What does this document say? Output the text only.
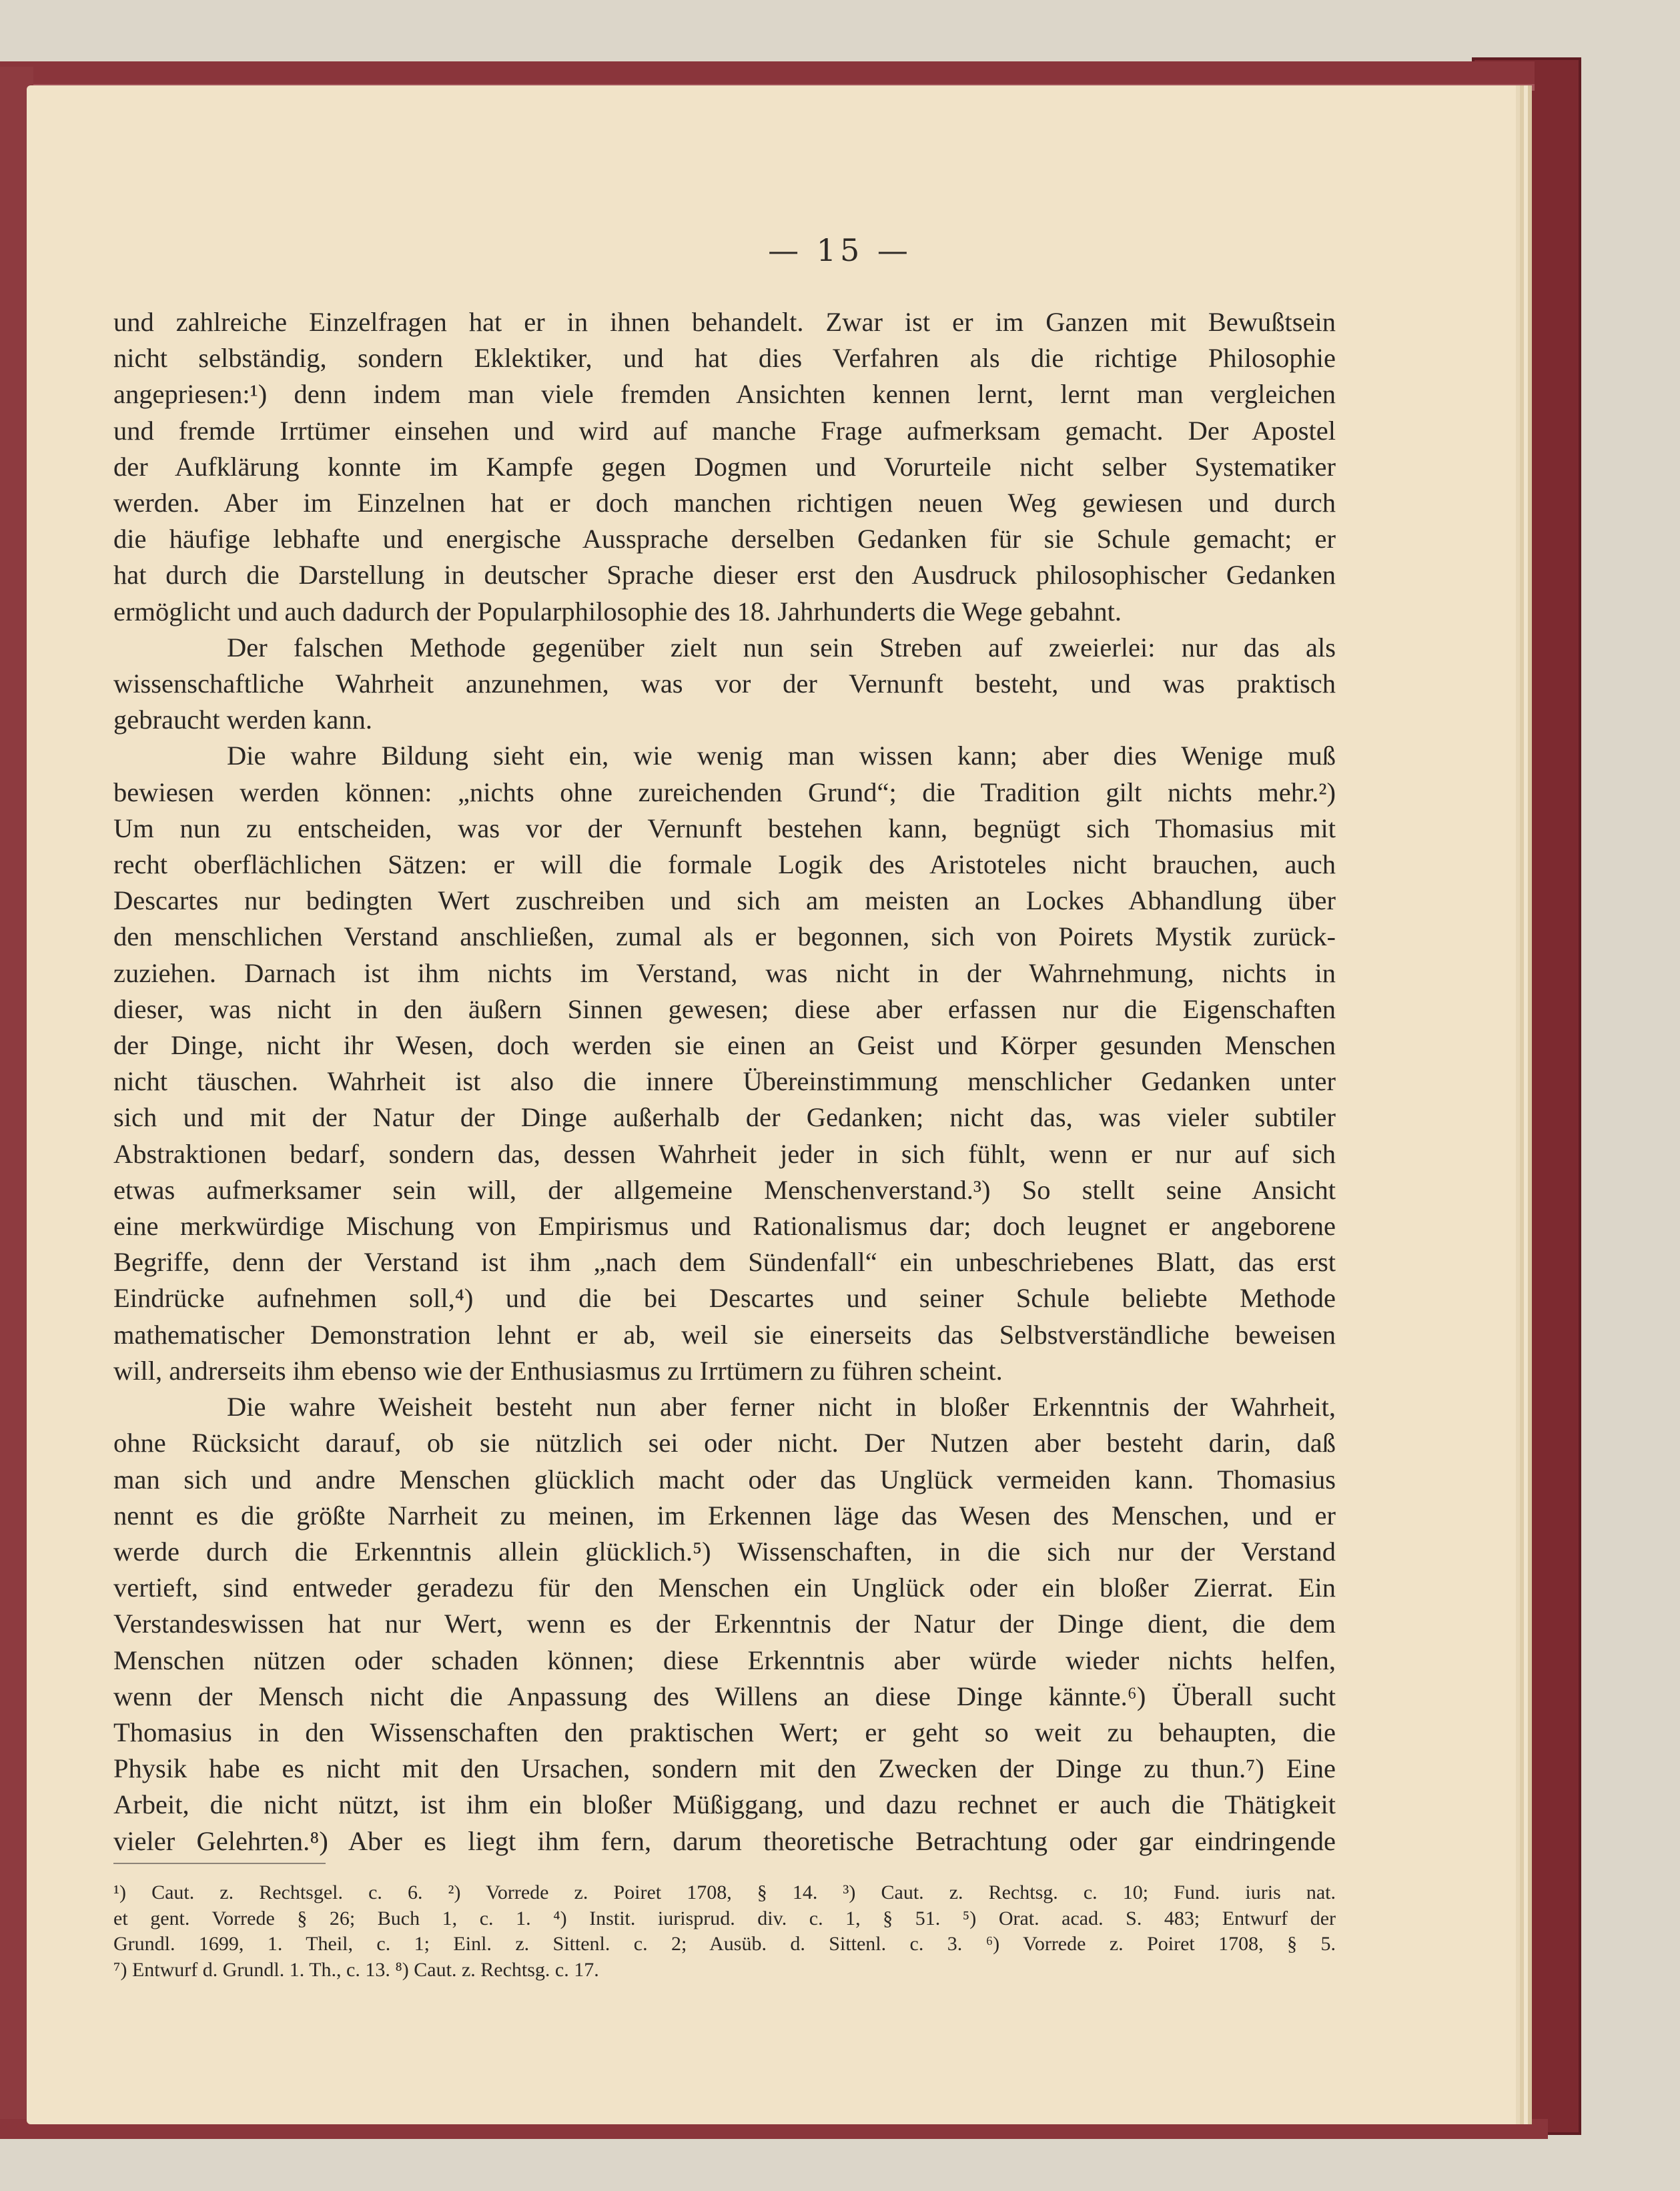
— 15 —

und zahlreiche Einzelfragen hat er in ihnen behandelt. Zwar ist er im Ganzen mit Bewußtsein

nicht selbständig, sondern Eklektiker, und hat dies Verfahren als die richtige Philosophie

angepriesen:¹) denn indem man viele fremden Ansichten kennen lernt, lernt man vergleichen

und fremde Irrtümer einsehen und wird auf manche Frage aufmerksam gemacht. Der Apostel

der Aufklärung konnte im Kampfe gegen Dogmen und Vorurteile nicht selber Systematiker

werden. Aber im Einzelnen hat er doch manchen richtigen neuen Weg gewiesen und durch

die häufige lebhafte und energische Aussprache derselben Gedanken für sie Schule gemacht; er

hat durch die Darstellung in deutscher Sprache dieser erst den Ausdruck philosophischer Gedanken

ermöglicht und auch dadurch der Popularphilosophie des 18. Jahrhunderts die Wege gebahnt.

Der falschen Methode gegenüber zielt nun sein Streben auf zweierlei: nur das als

wissenschaftliche Wahrheit anzunehmen, was vor der Vernunft besteht, und was praktisch

gebraucht werden kann.

Die wahre Bildung sieht ein, wie wenig man wissen kann; aber dies Wenige muß

bewiesen werden können: „nichts ohne zureichenden Grund“; die Tradition gilt nichts mehr.²)

Um nun zu entscheiden, was vor der Vernunft bestehen kann, begnügt sich Thomasius mit

recht oberflächlichen Sätzen: er will die formale Logik des Aristoteles nicht brauchen, auch

Descartes nur bedingten Wert zuschreiben und sich am meisten an Lockes Abhandlung über

den menschlichen Verstand anschließen, zumal als er begonnen, sich von Poirets Mystik zurück-

zuziehen. Darnach ist ihm nichts im Verstand, was nicht in der Wahrnehmung, nichts in

dieser, was nicht in den äußern Sinnen gewesen; diese aber erfassen nur die Eigenschaften

der Dinge, nicht ihr Wesen, doch werden sie einen an Geist und Körper gesunden Menschen

nicht täuschen. Wahrheit ist also die innere Übereinstimmung menschlicher Gedanken unter

sich und mit der Natur der Dinge außerhalb der Gedanken; nicht das, was vieler subtiler

Abstraktionen bedarf, sondern das, dessen Wahrheit jeder in sich fühlt, wenn er nur auf sich

etwas aufmerksamer sein will, der allgemeine Menschenverstand.³) So stellt seine Ansicht

eine merkwürdige Mischung von Empirismus und Rationalismus dar; doch leugnet er angeborene

Begriffe, denn der Verstand ist ihm „nach dem Sündenfall“ ein unbeschriebenes Blatt, das erst

Eindrücke aufnehmen soll,⁴) und die bei Descartes und seiner Schule beliebte Methode

mathematischer Demonstration lehnt er ab, weil sie einerseits das Selbstverständliche beweisen

will, andrerseits ihm ebenso wie der Enthusiasmus zu Irrtümern zu führen scheint.

Die wahre Weisheit besteht nun aber ferner nicht in bloßer Erkenntnis der Wahrheit,

ohne Rücksicht darauf, ob sie nützlich sei oder nicht. Der Nutzen aber besteht darin, daß

man sich und andre Menschen glücklich macht oder das Unglück vermeiden kann. Thomasius

nennt es die größte Narrheit zu meinen, im Erkennen läge das Wesen des Menschen, und er

werde durch die Erkenntnis allein glücklich.⁵) Wissenschaften, in die sich nur der Verstand

vertieft, sind entweder geradezu für den Menschen ein Unglück oder ein bloßer Zierrat. Ein

Verstandeswissen hat nur Wert, wenn es der Erkenntnis der Natur der Dinge dient, die dem

Menschen nützen oder schaden können; diese Erkenntnis aber würde wieder nichts helfen,

wenn der Mensch nicht die Anpassung des Willens an diese Dinge kännte.⁶) Überall sucht

Thomasius in den Wissenschaften den praktischen Wert; er geht so weit zu behaupten, die

Physik habe es nicht mit den Ursachen, sondern mit den Zwecken der Dinge zu thun.⁷) Eine

Arbeit, die nicht nützt, ist ihm ein bloßer Müßiggang, und dazu rechnet er auch die Thätigkeit

vieler Gelehrten.⁸) Aber es liegt ihm fern, darum theoretische Betrachtung oder gar eindringende

¹) Caut. z. Rechtsgel. c. 6. ²) Vorrede z. Poiret 1708, § 14. ³) Caut. z. Rechtsg. c. 10; Fund. iuris nat.

et gent. Vorrede § 26; Buch 1, c. 1. ⁴) Instit. iurisprud. div. c. 1, § 51. ⁵) Orat. acad. S. 483; Entwurf der

Grundl. 1699, 1. Theil, c. 1; Einl. z. Sittenl. c. 2; Ausüb. d. Sittenl. c. 3. ⁶) Vorrede z. Poiret 1708, § 5.

⁷) Entwurf d. Grundl. 1. Th., c. 13. ⁸) Caut. z. Rechtsg. c. 17.
